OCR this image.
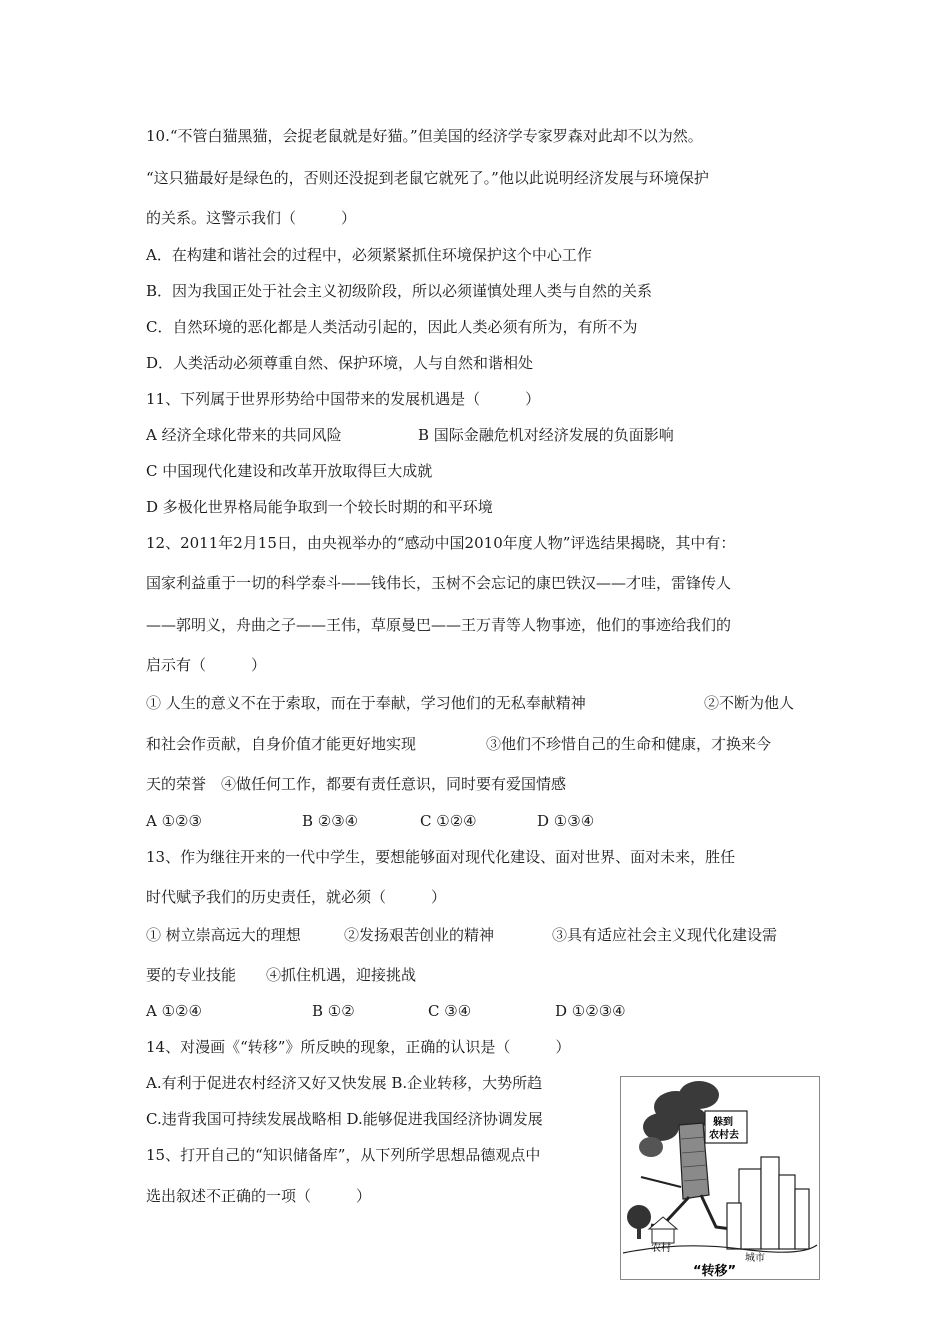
10.“不管白猫黑猫，会捉老鼠就是好猫。”但美国的经济学专家罗森对此却不以为然。
“这只猫最好是绿色的，否则还没捉到老鼠它就死了。”他以此说明经济发展与环境保护
的关系。这警示我们（　　　）
A．在构建和谐社会的过程中，必须紧紧抓住环境保护这个中心工作
B．因为我国正处于社会主义初级阶段，所以必须谨慎处理人类与自然的关系
C．自然环境的恶化都是人类活动引起的，因此人类必须有所为，有所不为
D．人类活动必须尊重自然、保护环境，人与自然和谐相处
11、下列属于世界形势给中国带来的发展机遇是（　　　）
A 经济全球化带来的共同风险	B 国际金融危机对经济发展的负面影响
C 中国现代化建设和改革开放取得巨大成就
D 多极化世界格局能争取到一个较长时期的和平环境
12、2011年2月15日，由央视举办的“感动中国2010年度人物”评选结果揭晓，其中有：
国家利益重于一切的科学泰斗——钱伟长，玉树不会忘记的康巴铁汉——才哇，雷锋传人
——郭明义，舟曲之子——王伟，草原曼巴——王万青等人物事迹，他们的事迹给我们的
启示有（　　　）
① 人生的意义不在于索取，而在于奉献，学习他们的无私奉献精神	②不断为他人
和社会作贡献，自身价值才能更好地实现	③他们不珍惜自己的生命和健康，才换来今
天的荣誉　④做任何工作，都要有责任意识，同时要有爱国情感
A ①②③	B ②③④	C ①②④	D ①③④
13、作为继往开来的一代中学生，要想能够面对现代化建设、面对世界、面对未来，胜任
时代赋予我们的历史责任，就必须（　　　）
① 树立崇高远大的理想	②发扬艰苦创业的精神	③具有适应社会主义现代化建设需
要的专业技能　　④抓住机遇，迎接挑战
A ①②④	B ①②	C ③④	D ①②③④
14、对漫画《“转移”》所反映的现象，正确的认识是（　　　）
A.有利于促进农村经济又好又快发展 B.企业转移，大势所趋
C.违背我国可持续发展战略相 D.能够促进我国经济协调发展
15、打开自己的“知识储备库”，从下列所学思想品德观点中
选出叙述不正确的一项（　　　）
躲到
农村去
农村
城市
“转移”
